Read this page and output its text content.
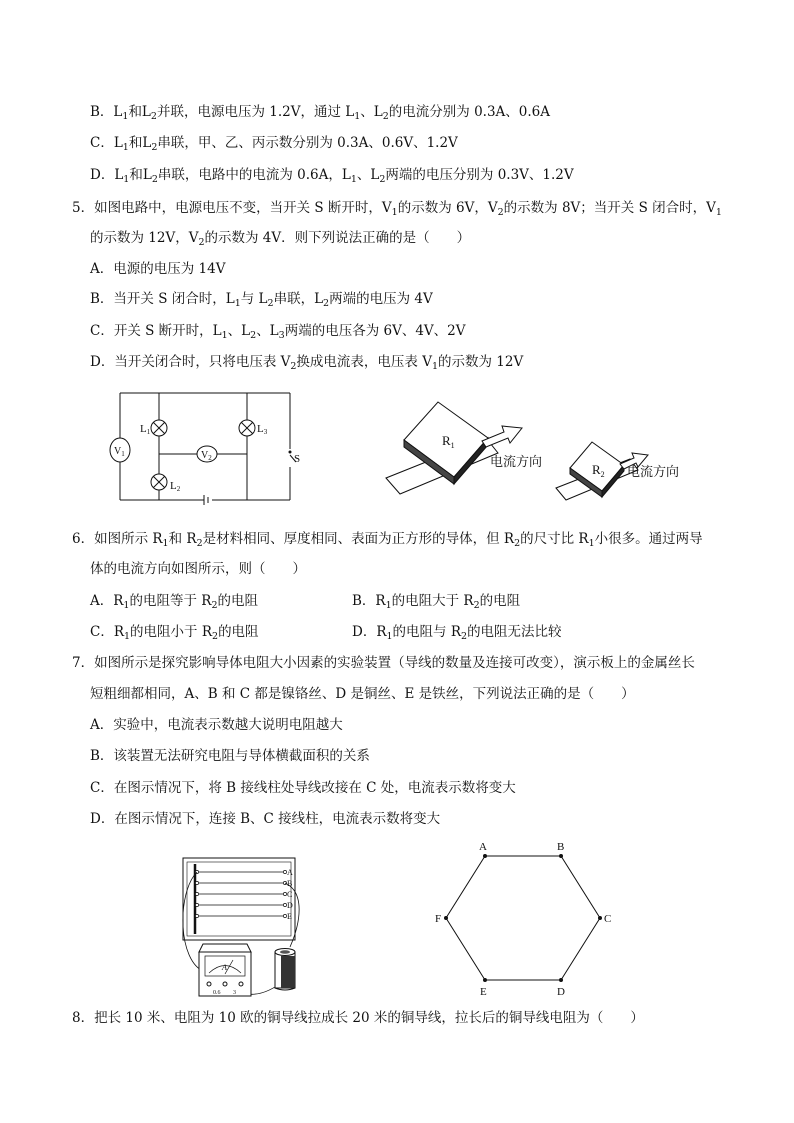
B．$L_1$和$L_2$并联，电源电压为 1.2V，通过 $L_1$、$L_2$的电流分别为 0.3A、0.6A
C．$L_1$和$L_2$串联，甲、乙、丙示数分别为 0.3A、0.6V、1.2V
D．$L_1$和$L_2$串联，电路中的电流为 0.6A，$L_1$、$L_2$两端的电压分别为 0.3V、1.2V
5．如图电路中，电源电压不变，当开关 S 断开时，$V_1$的示数为 6V，$V_2$的示数为 8V；当开关 S 闭合时，$V_1$
的示数为 12V，$V_2$的示数为 4V．则下列说法正确的是（　　）
A．电源的电压为 14V
B．当开关 S 闭合时，$L_1$与 $L_2$串联，$L_2$两端的电压为 4V
C．开关 S 断开时，$L_1$、$L_2$、$L_3$两端的电压各为 6V、4V、2V
D．当开关闭合时，只将电压表 $V_2$换成电流表，电压表 $V_1$的示数为 12V
$V_1$	$V_2$
L1
L2
L3
S
$R_1$
电流方向
$R_2$ 电流方向
6．如图所示 $R_1$和 $R_2$是材料相同、厚度相同、表面为正方形的导体，但 $R_2$的尺寸比 $R_1$小很多。通过两导
体的电流方向如图所示，则（　　）
A．$R_1$的电阻等于 $R_2$的电阻	B．$R_1$的电阻大于 $R_2$的电阻
C．$R_1$的电阻小于 $R_2$的电阻	D．$R_1$的电阻与 $R_2$的电阻无法比较
7．如图所示是探究影响导体电阻大小因素的实验装置（导线的数量及连接可改变），演示板上的金属丝长
短粗细都相同，A、B 和 C 都是镍铬丝、D 是铜丝、E 是铁丝，下列说法正确的是（　　）
A．实验中，电流表示数越大说明电阻越大
B．该装置无法研究电阻与导体横截面积的关系
C．在图示情况下，将 B 接线柱处导线改接在 C 处，电流表示数将变大
D．在图示情况下，连接 B、C 接线柱，电流表示数将变大
A
B
C
D
E
A
0.6 3
A	B
C
D
E
F
8．把长 10 米、电阻为 10 欧的铜导线拉成长 20 米的铜导线，拉长后的铜导线电阻为（　　）
